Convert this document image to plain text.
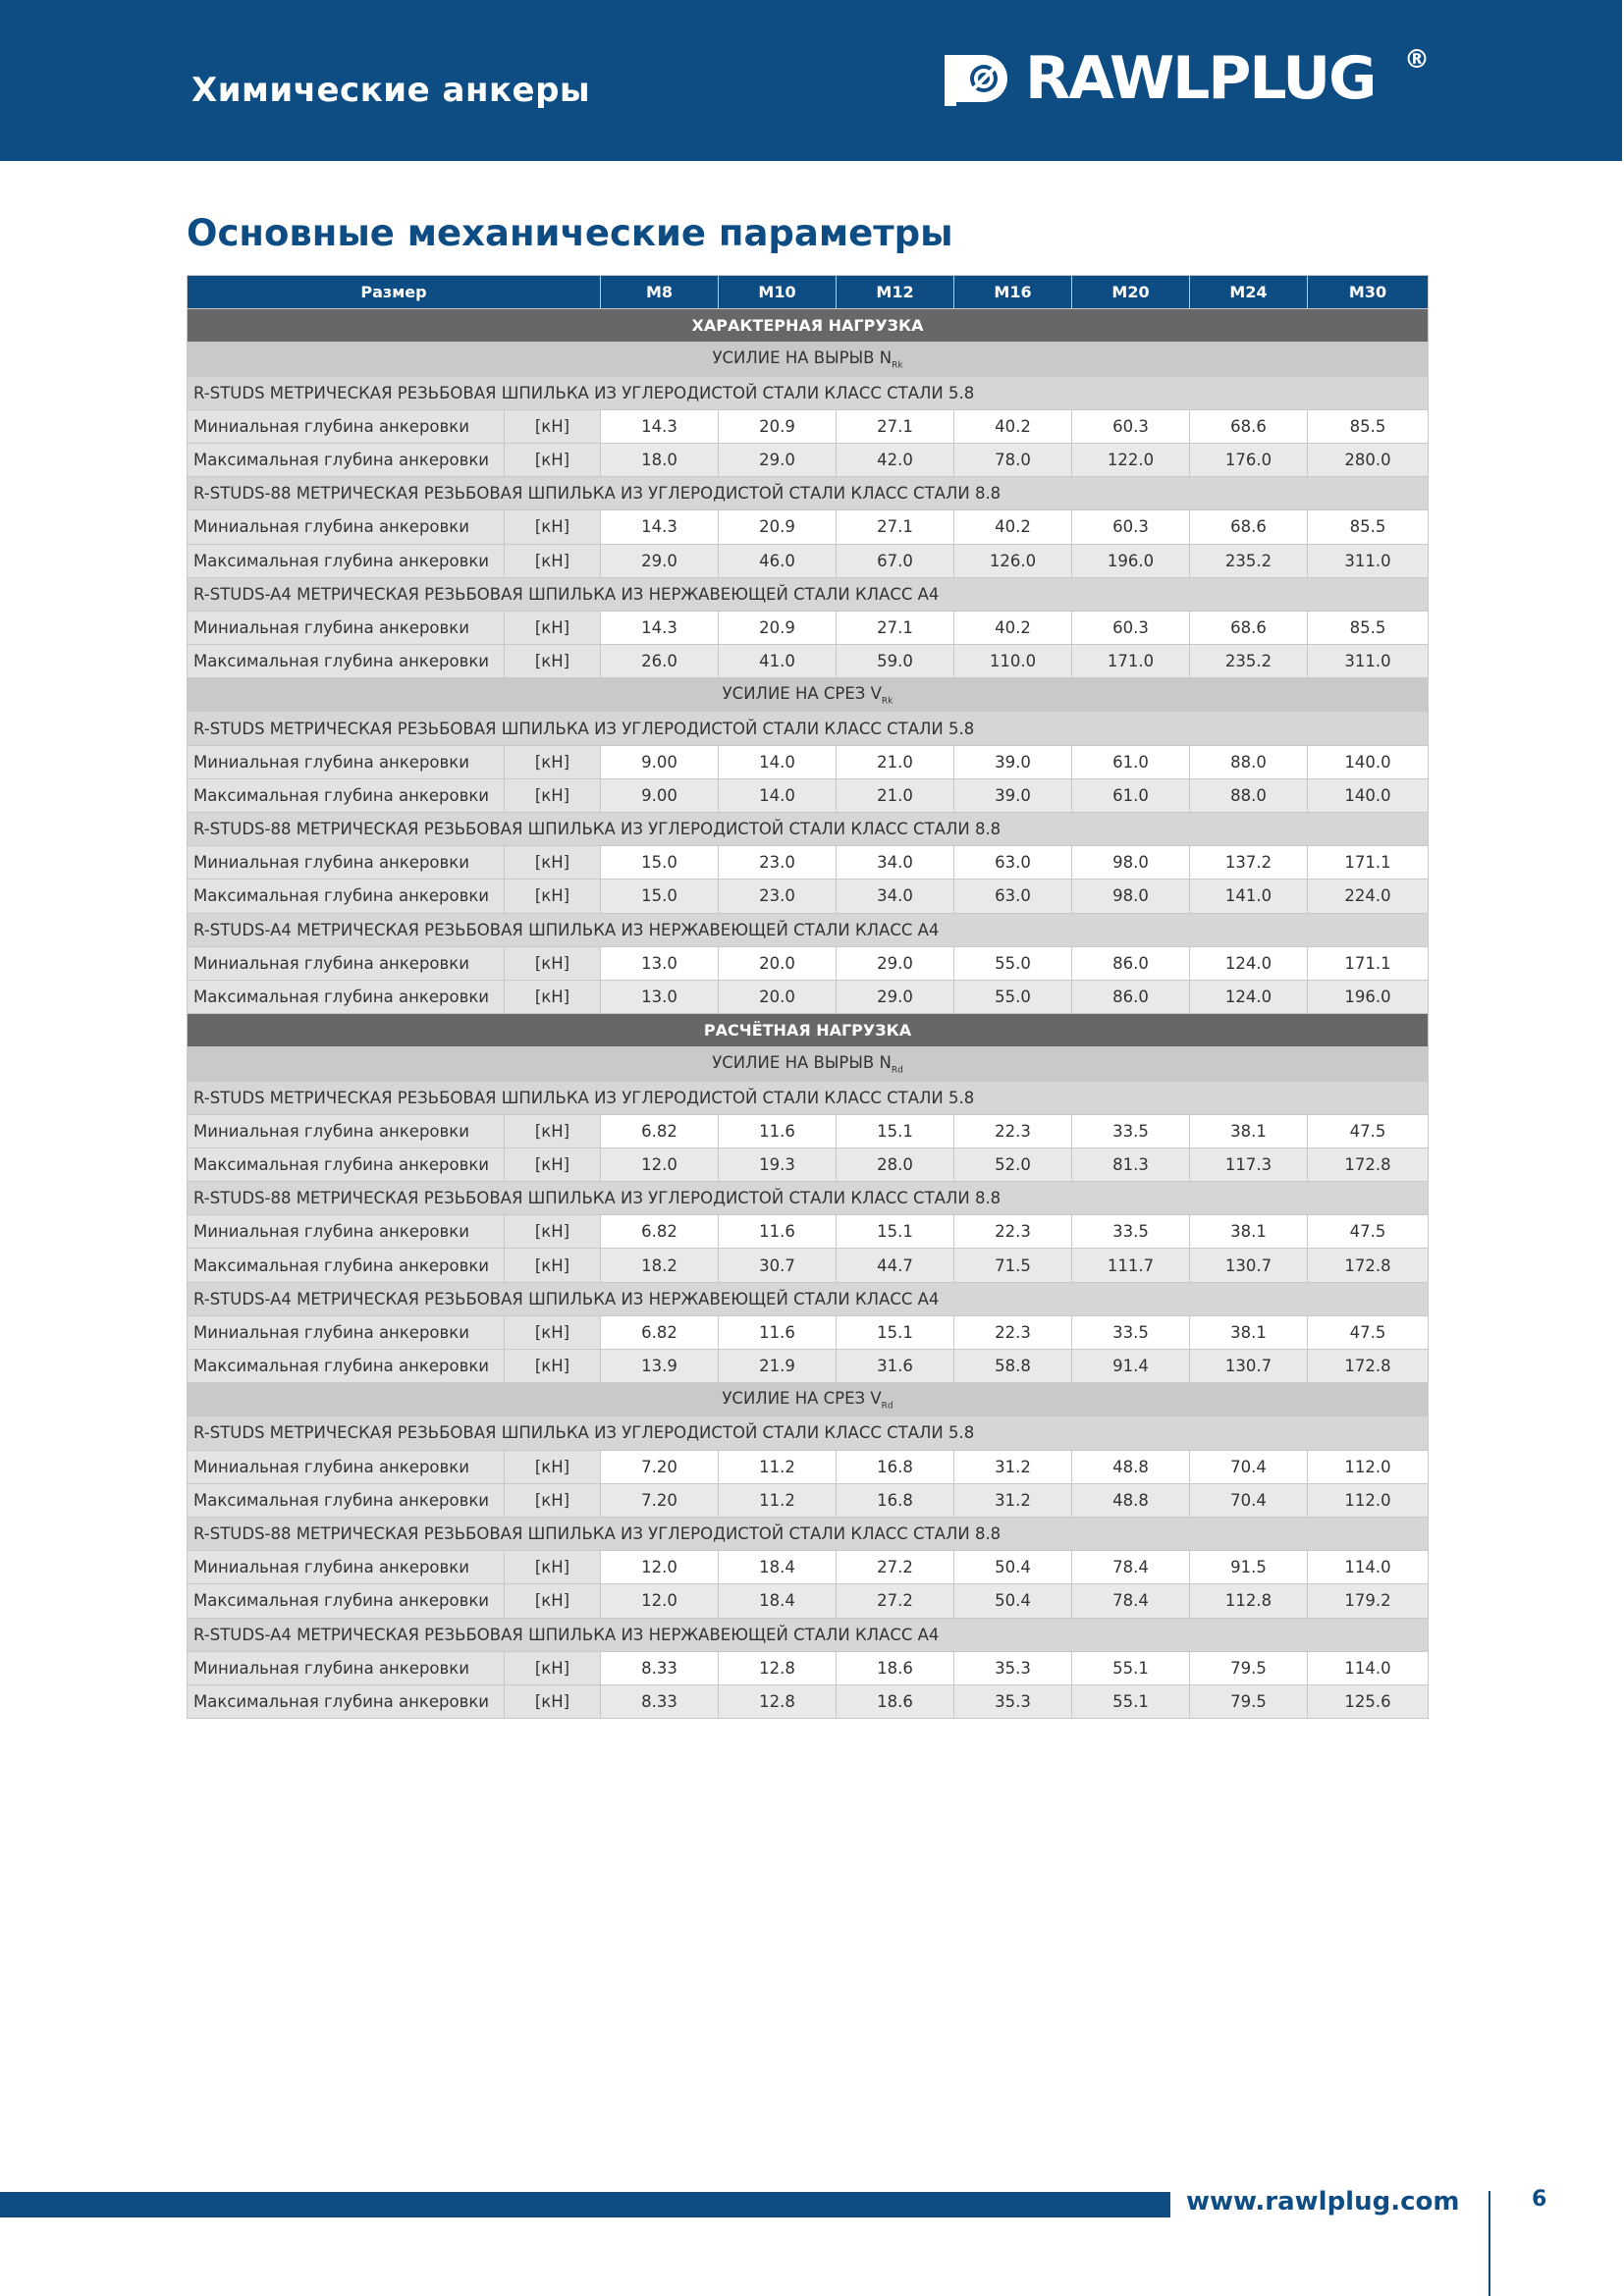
Химические анкеры	RAWLPLUG ®
Основные механические параметры
Размер		M8	M10	M12	M16	M20	M24	M30
ХАРАКТЕРНАЯ НАГРУЗКА								
УСИЛИЕ НА ВЫРЫВ $N_{Rk}$
R-STUDS МЕТРИЧЕСКАЯ РЕЗЬБОВАЯ ШПИЛЬКА ИЗ УГЛЕРОДИСТОЙ СТАЛИ КЛАСС СТАЛИ 5.8								
Миниальная глубина анкеровки	[кН]	14.3	20.9	27.1	40.2	60.3	68.6	85.5
Максимальная глубина анкеровки	[кН]	18.0	29.0	42.0	78.0	122.0	176.0	280.0
R-STUDS-88 МЕТРИЧЕСКАЯ РЕЗЬБОВАЯ ШПИЛЬКА ИЗ УГЛЕРОДИСТОЙ СТАЛИ КЛАСС СТАЛИ 8.8								
Миниальная глубина анкеровки	[кН]	14.3	20.9	27.1	40.2	60.3	68.6	85.5
Максимальная глубина анкеровки	[кН]	29.0	46.0	67.0	126.0	196.0	235.2	311.0
R-STUDS-A4 МЕТРИЧЕСКАЯ РЕЗЬБОВАЯ ШПИЛЬКА ИЗ НЕРЖАВЕЮЩЕЙ СТАЛИ КЛАСС A4								
Миниальная глубина анкеровки	[кН]	14.3	20.9	27.1	40.2	60.3	68.6	85.5
Максимальная глубина анкеровки	[кН]	26.0	41.0	59.0	110.0	171.0	235.2	311.0
УСИЛИЕ НА СРЕЗ $V_{Rk}$
R-STUDS МЕТРИЧЕСКАЯ РЕЗЬБОВАЯ ШПИЛЬКА ИЗ УГЛЕРОДИСТОЙ СТАЛИ КЛАСС СТАЛИ 5.8								
Миниальная глубина анкеровки	[кН]	9.00	14.0	21.0	39.0	61.0	88.0	140.0
Максимальная глубина анкеровки	[кН]	9.00	14.0	21.0	39.0	61.0	88.0	140.0
R-STUDS-88 МЕТРИЧЕСКАЯ РЕЗЬБОВАЯ ШПИЛЬКА ИЗ УГЛЕРОДИСТОЙ СТАЛИ КЛАСС СТАЛИ 8.8								
Миниальная глубина анкеровки	[кН]	15.0	23.0	34.0	63.0	98.0	137.2	171.1
Максимальная глубина анкеровки	[кН]	15.0	23.0	34.0	63.0	98.0	141.0	224.0
R-STUDS-A4 МЕТРИЧЕСКАЯ РЕЗЬБОВАЯ ШПИЛЬКА ИЗ НЕРЖАВЕЮЩЕЙ СТАЛИ КЛАСС A4								
Миниальная глубина анкеровки	[кН]	13.0	20.0	29.0	55.0	86.0	124.0	171.1
Максимальная глубина анкеровки	[кН]	13.0	20.0	29.0	55.0	86.0	124.0	196.0
РАСЧЁТНАЯ НАГРУЗКА								
УСИЛИЕ НА ВЫРЫВ $N_{Rd}$
R-STUDS МЕТРИЧЕСКАЯ РЕЗЬБОВАЯ ШПИЛЬКА ИЗ УГЛЕРОДИСТОЙ СТАЛИ КЛАСС СТАЛИ 5.8								
Миниальная глубина анкеровки	[кН]	6.82	11.6	15.1	22.3	33.5	38.1	47.5
Максимальная глубина анкеровки	[кН]	12.0	19.3	28.0	52.0	81.3	117.3	172.8
R-STUDS-88 МЕТРИЧЕСКАЯ РЕЗЬБОВАЯ ШПИЛЬКА ИЗ УГЛЕРОДИСТОЙ СТАЛИ КЛАСС СТАЛИ 8.8								
Миниальная глубина анкеровки	[кН]	6.82	11.6	15.1	22.3	33.5	38.1	47.5
Максимальная глубина анкеровки	[кН]	18.2	30.7	44.7	71.5	111.7	130.7	172.8
R-STUDS-A4 МЕТРИЧЕСКАЯ РЕЗЬБОВАЯ ШПИЛЬКА ИЗ НЕРЖАВЕЮЩЕЙ СТАЛИ КЛАСС A4								
Миниальная глубина анкеровки	[кН]	6.82	11.6	15.1	22.3	33.5	38.1	47.5
Максимальная глубина анкеровки	[кН]	13.9	21.9	31.6	58.8	91.4	130.7	172.8
УСИЛИЕ НА СРЕЗ $V_{Rd}$
R-STUDS МЕТРИЧЕСКАЯ РЕЗЬБОВАЯ ШПИЛЬКА ИЗ УГЛЕРОДИСТОЙ СТАЛИ КЛАСС СТАЛИ 5.8								
Миниальная глубина анкеровки	[кН]	7.20	11.2	16.8	31.2	48.8	70.4	112.0
Максимальная глубина анкеровки	[кН]	7.20	11.2	16.8	31.2	48.8	70.4	112.0
R-STUDS-88 МЕТРИЧЕСКАЯ РЕЗЬБОВАЯ ШПИЛЬКА ИЗ УГЛЕРОДИСТОЙ СТАЛИ КЛАСС СТАЛИ 8.8								
Миниальная глубина анкеровки	[кН]	12.0	18.4	27.2	50.4	78.4	91.5	114.0
Максимальная глубина анкеровки	[кН]	12.0	18.4	27.2	50.4	78.4	112.8	179.2
R-STUDS-A4 МЕТРИЧЕСКАЯ РЕЗЬБОВАЯ ШПИЛЬКА ИЗ НЕРЖАВЕЮЩЕЙ СТАЛИ КЛАСС A4								
Миниальная глубина анкеровки	[кН]	8.33	12.8	18.6	35.3	55.1	79.5	114.0
Максимальная глубина анкеровки	[кН]	8.33	12.8	18.6	35.3	55.1	79.5	125.6
www.rawlplug.com	6
